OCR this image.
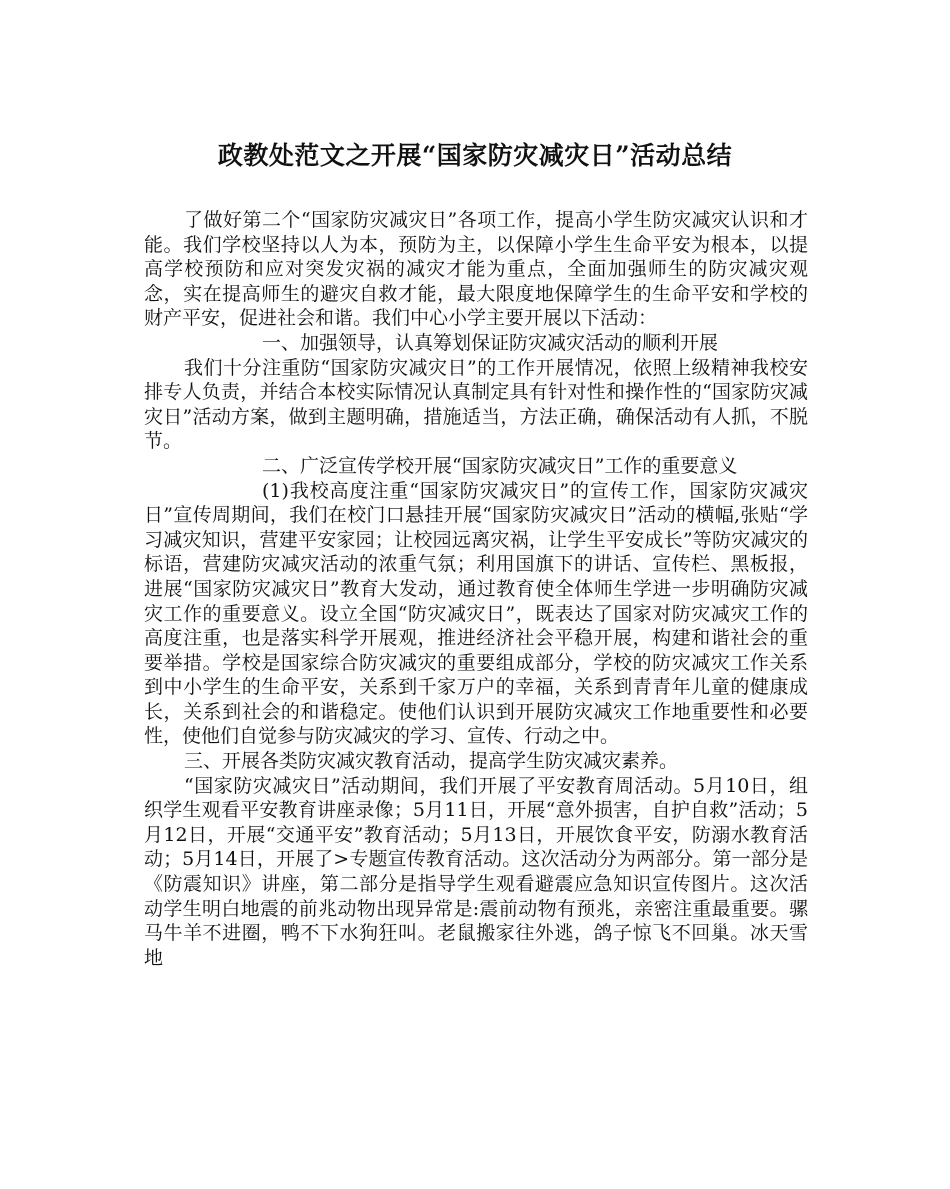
政教处范文之开展“国家防灾减灾日”活动总结

了做好第二个“国家防灾减灾日”各项工作，提高小学生防灾减灾认识和才能。我们学校坚持以人为本，预防为主，以保障小学生生命平安为根本，以提高学校预防和应对突发灾祸的减灾才能为重点，全面加强师生的防灾减灾观念，实在提高师生的避灾自救才能，最大限度地保障学生的生命平安和学校的财产平安，促进社会和谐。我们中心小学主要开展以下活动：

一、加强领导，认真筹划保证防灾减灾活动的顺利开展

我们十分注重防“国家防灾减灾日”的工作开展情况，依照上级精神我校安排专人负责，并结合本校实际情况认真制定具有针对性和操作性的“国家防灾减灾日”活动方案，做到主题明确，措施适当，方法正确，确保活动有人抓，不脱节。

二、广泛宣传学校开展“国家防灾减灾日”工作的重要意义

(1)我校高度注重“国家防灾减灾日”的宣传工作，国家防灾减灾日”宣传周期间，我们在校门口悬挂开展“国家防灾减灾日”活动的横幅,张贴“学习减灾知识，营建平安家园；让校园远离灾祸，让学生平安成长”等防灾减灾的标语，营建防灾减灾活动的浓重气氛；利用国旗下的讲话、宣传栏、黑板报，进展“国家防灾减灾日”教育大发动，通过教育使全体师生学进一步明确防灾减灾工作的重要意义。设立全国“防灾减灾日”，既表达了国家对防灾减灾工作的高度注重，也是落实科学开展观，推进经济社会平稳开展，构建和谐社会的重要举措。学校是国家综合防灾减灾的重要组成部分，学校的防灾减灾工作关系到中小学生的生命平安，关系到千家万户的幸福，关系到青青年儿童的健康成长，关系到社会的和谐稳定。使他们认识到开展防灾减灾工作地重要性和必要性，使他们自觉参与防灾减灾的学习、宣传、行动之中。

三、开展各类防灾减灾教育活动，提高学生防灾减灾素养。

“国家防灾减灾日”活动期间，我们开展了平安教育周活动。5月10日，组织学生观看平安教育讲座录像；5月11日，开展“意外损害，自护自救”活动；5月12日，开展“交通平安”教育活动；5月13日，开展饮食平安，防溺水教育活动；5月14日，开展了>专题宣传教育活动。这次活动分为两部分。第一部分是《防震知识》讲座，第二部分是指导学生观看避震应急知识宣传图片。这次活动学生明白地震的前兆动物出现异常是:震前动物有预兆，亲密注重最重要。骡马牛羊不进圈，鸭不下水狗狂叫。老鼠搬家往外逃，鸽子惊飞不回巢。冰天雪地
